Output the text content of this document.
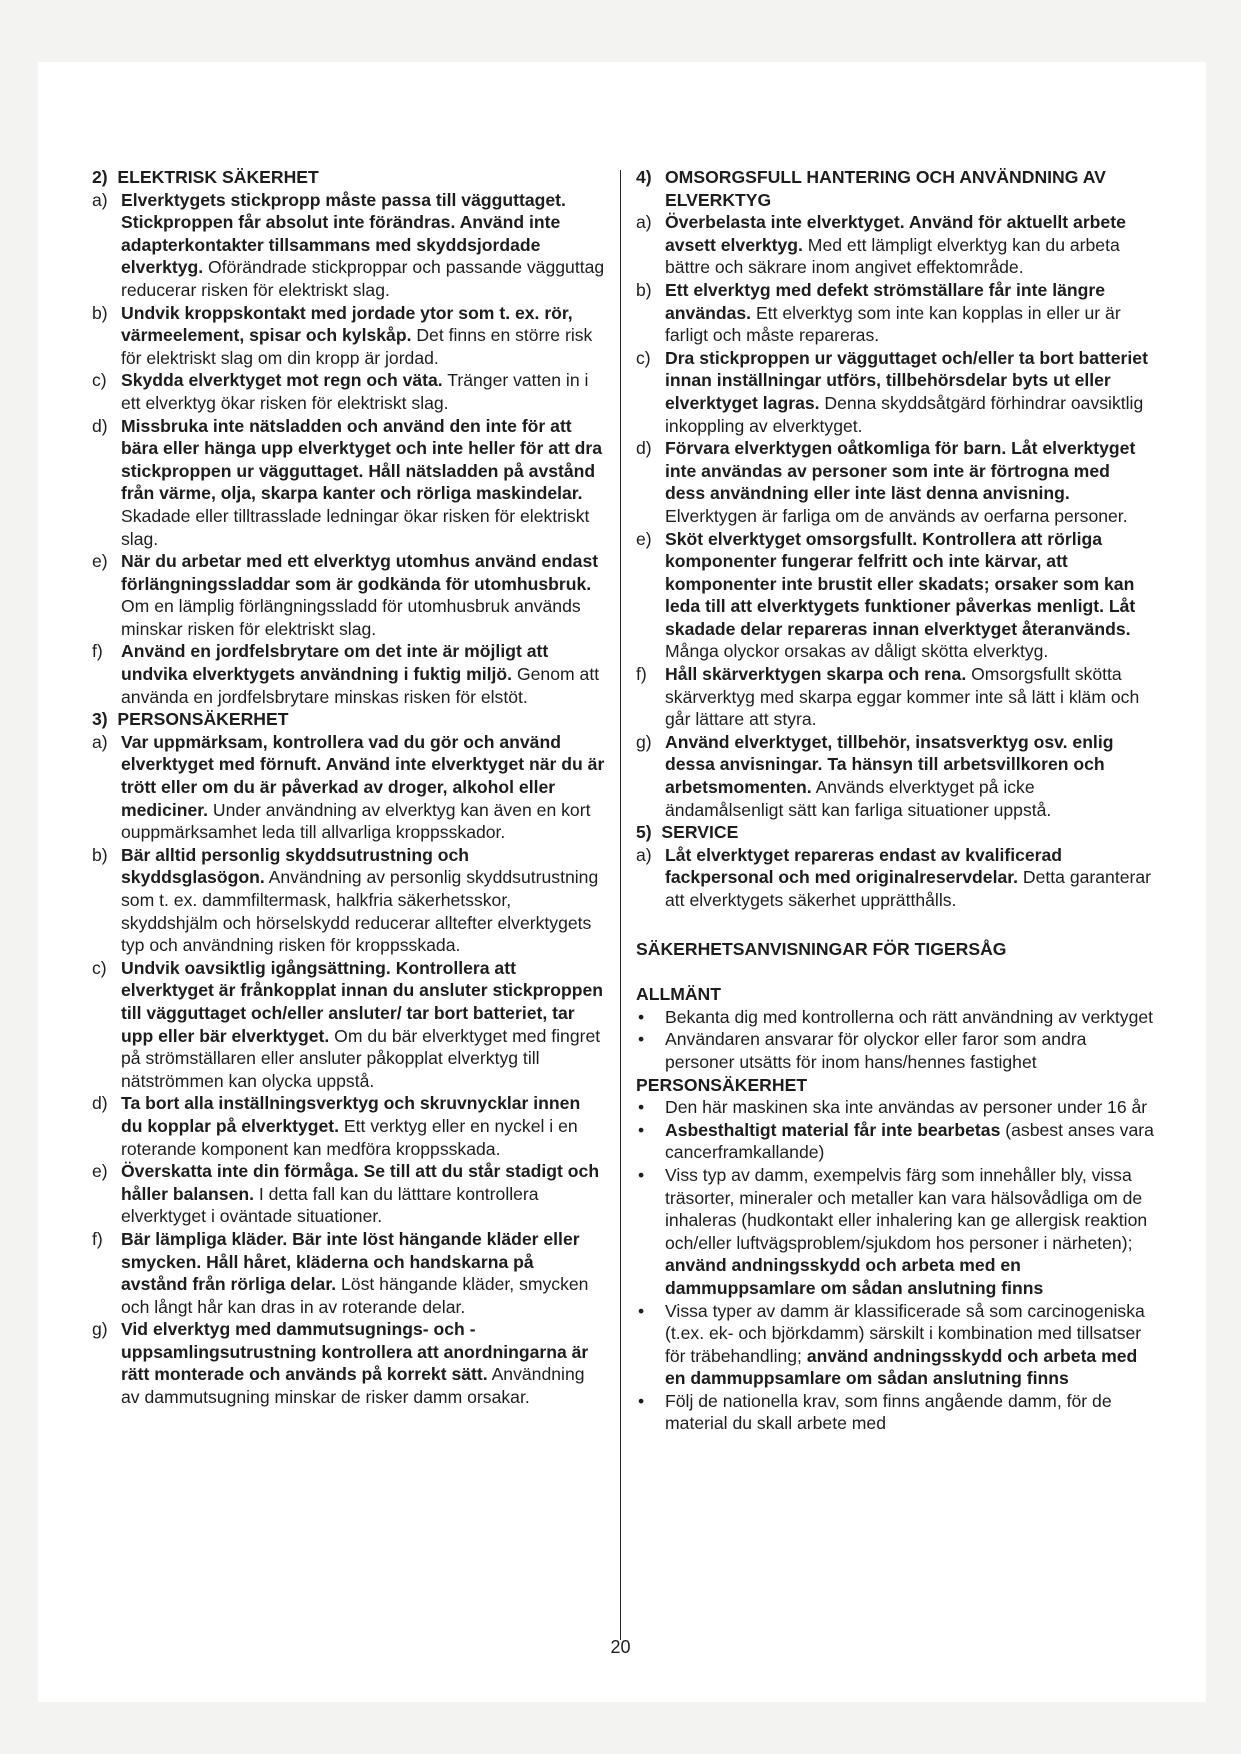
2)  ELEKTRISK SÄKERHET

a) Elverktygets stickpropp måste passa till vägguttaget. Stickproppen får absolut inte förändras. Använd inte adapterkontakter tillsammans med skyddsjordade elverktyg. Oförändrade stickproppar och passande vägguttag reducerar risken för elektriskt slag.

b) Undvik kroppskontakt med jordade ytor som t. ex. rör, värmeelement, spisar och kylskåp. Det finns en större risk för elektriskt slag om din kropp är jordad.

c) Skydda elverktyget mot regn och väta. Tränger vatten in i ett elverktyg ökar risken för elektriskt slag.

d) Missbruka inte nätsladden och använd den inte för att bära eller hänga upp elverktyget och inte heller för att dra stickproppen ur vägguttaget. Håll nätsladden på avstånd från värme, olja, skarpa kanter och rörliga maskindelar. Skadade eller tilltrasslade ledningar ökar risken för elektriskt slag.

e) När du arbetar med ett elverktyg utomhus använd endast förlängningssladdar som är godkända för utomhusbruk. Om en lämplig förlängningssladd för utomhusbruk används minskar risken för elektriskt slag.

f) Använd en jordfelsbrytare om det inte är möjligt att undvika elverktygets användning i fuktig miljö. Genom att använda en jordfelsbrytare minskas risken för elstöt.

3)  PERSONSÄKERHET

a) Var uppmärksam, kontrollera vad du gör och använd elverktyget med förnuft. Använd inte elverktyget när du är trött eller om du är påverkad av droger, alkohol eller mediciner. Under användning av elverktyg kan även en kort ouppmärksamhet leda till allvarliga kroppsskador.

b) Bär alltid personlig skyddsutrustning och skyddsglasögon. Användning av personlig skyddsutrustning som t. ex. dammfiltermask, halkfria säkerhetsskor, skyddshjälm och hörselskydd reducerar alltefter elverktygets typ och användning risken för kroppsskada.

c) Undvik oavsiktlig igångsättning. Kontrollera att elverktyget är frånkopplat innan du ansluter stickproppen till vägguttaget och/eller ansluter/ tar bort batteriet, tar upp eller bär elverktyget. Om du bär elverktyget med fingret på strömställaren eller ansluter påkopplat elverktyg till nätströmmen kan olycka uppstå.

d) Ta bort alla inställningsverktyg och skruvnycklar innen du kopplar på elverktyget. Ett verktyg eller en nyckel i en roterande komponent kan medföra kroppsskada.

e) Överskatta inte din förmåga. Se till att du står stadigt och håller balansen. I detta fall kan du lätttare kontrollera elverktyget i oväntade situationer.

f) Bär lämpliga kläder. Bär inte löst hängande kläder eller smycken. Håll håret, kläderna och handskarna på avstånd från rörliga delar. Löst hängande kläder, smycken och långt hår kan dras in av roterande delar.

g) Vid elverktyg med dammutsugnings- och -uppsamlingsutrustning kontrollera att anordningarna är rätt monterade och används på korrekt sätt. Användning av dammutsugning minskar de risker damm orsakar.

4) OMSORGSFULL HANTERING OCH ANVÄNDNING AV ELVERKTYG

a) Överbelasta inte elverktyget. Använd för aktuellt arbete avsett elverktyg. Med ett lämpligt elverktyg kan du arbeta bättre och säkrare inom angivet effektområde.

b) Ett elverktyg med defekt strömställare får inte längre användas. Ett elverktyg som inte kan kopplas in eller ur är farligt och måste repareras.

c) Dra stickproppen ur vägguttaget och/eller ta bort batteriet innan inställningar utförs, tillbehörsdelar byts ut eller elverktyget lagras. Denna skyddsåtgärd förhindrar oavsiktlig inkoppling av elverktyget.

d) Förvara elverktygen oåtkomliga för barn. Låt elverktyget inte användas av personer som inte är förtrogna med dess användning eller inte läst denna anvisning. Elverktygen är farliga om de används av oerfarna personer.

e) Sköt elverktyget omsorgsfullt. Kontrollera att rörliga komponenter fungerar felfritt och inte kärvar, att komponenter inte brustit eller skadats; orsaker som kan leda till att elverktygets funktioner påverkas menligt. Låt skadade delar repareras innan elverktyget återanvänds. Många olyckor orsakas av dåligt skötta elverktyg.

f) Håll skärverktygen skarpa och rena. Omsorgsfullt skötta skärverktyg med skarpa eggar kommer inte så lätt i kläm och går lättare att styra.

g) Använd elverktyget, tillbehör, insatsverktyg osv. enlig dessa anvisningar. Ta hänsyn till arbetsvillkoren och arbetsmomenten. Används elverktyget på icke ändamålsenligt sätt kan farliga situationer uppstå.

5)  SERVICE

a) Låt elverktyget repareras endast av kvalificerad fackpersonal och med originalreservdelar. Detta garanterar att elverktygets säkerhet upprätthålls.

SÄKERHETSANVISNINGAR FÖR TIGERSÅG

ALLMÄNT

• Bekanta dig med kontrollerna och rätt användning av verktyget
• Användaren ansvarar för olyckor eller faror som andra personer utsätts för inom hans/hennes fastighet

PERSONSÄKERHET

• Den här maskinen ska inte användas av personer under 16 år
• Asbesthaltigt material får inte bearbetas (asbest anses vara cancerframkallande)
• Viss typ av damm, exempelvis färg som innehåller bly, vissa träsorter, mineraler och metaller kan vara hälsovådliga om de inhaleras (hudkontakt eller inhalering kan ge allergisk reaktion och/eller luftvägsproblem/sjukdom hos personer i närheten); använd andningsskydd och arbeta med en dammuppsamlare om sådan anslutning finns
• Vissa typer av damm är klassificerade så som carcinogeniska (t.ex. ek- och björkdamm) särskilt i kombination med tillsatser för träbehandling; använd andningsskydd och arbeta med en dammuppsamlare om sådan anslutning finns
• Följ de nationella krav, som finns angående damm, för de material du skall arbete med
20
